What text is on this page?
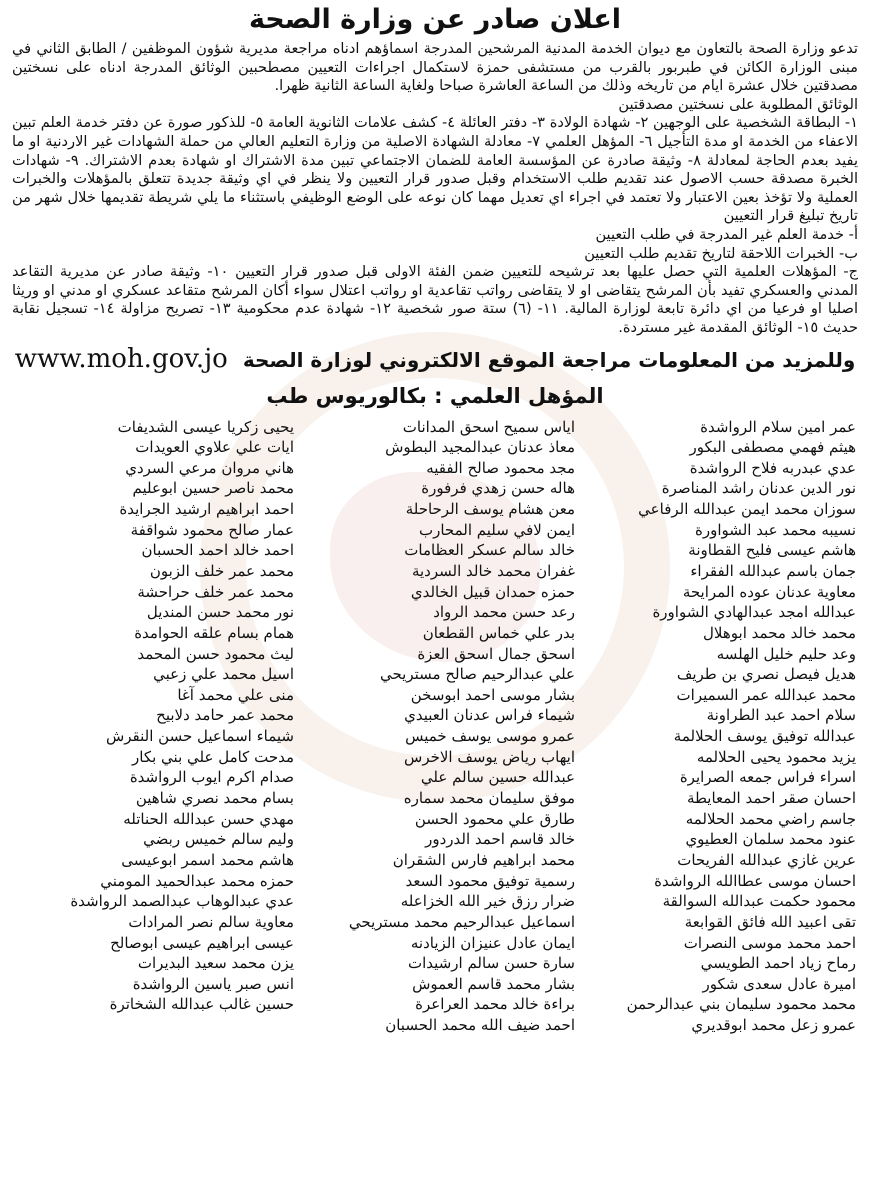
اعلان صادر عن وزارة الصحة

تدعو وزارة الصحة بالتعاون مع ديوان الخدمة المدنية المرشحين المدرجة اسماؤهم ادناه مراجعة مديرية شؤون الموظفين / الطابق الثاني في مبنى الوزارة الكائن في طبربور بالقرب من مستشفى حمزة لاستكمال اجراءات التعيين مصطحبين الوثائق المدرجة ادناه على نسختين مصدقتين خلال عشرة ايام من تاريخه وذلك من الساعة العاشرة صباحا ولغاية الساعة الثانية ظهرا.

الوثائق المطلوبة على نسختين مصدقتين

١- البطاقة الشخصية على الوجهين ٢- شهادة الولادة ٣- دفتر العائلة ٤- كشف علامات الثانوية العامة ٥- للذكور صورة عن دفتر خدمة العلم تبين الاعفاء من الخدمة او مدة التأجيل ٦- المؤهل العلمي ٧- معادلة الشهادة الاصلية من وزارة التعليم العالي من حملة الشهادات غير الاردنية او ما يفيد بعدم الحاجة لمعادلة ٨- وثيقة صادرة عن المؤسسة العامة للضمان الاجتماعي تبين مدة الاشتراك او شهادة بعدم الاشتراك. ٩- شهادات الخبرة مصدقة حسب الاصول عند تقديم طلب الاستخدام وقبل صدور قرار التعيين ولا ينظر في اي وثيقة جديدة تتعلق بالمؤهلات والخبرات العملية ولا تؤخذ بعين الاعتبار ولا تعتمد في اجراء اي تعديل مهما كان نوعه على الوضع الوظيفي باستثناء ما يلي شريطة تقديمها خلال شهر من تاريخ تبليغ قرار التعيين

أ- خدمة العلم غير المدرجة في طلب التعيين

ب- الخبرات اللاحقة لتاريخ تقديم طلب التعيين

ج- المؤهلات العلمية التي حصل عليها بعد ترشيحه للتعيين ضمن الفئة الاولى قبل صدور قرار التعيين ١٠- وثيقة صادر عن مديرية التقاعد المدني والعسكري تفيد بأن المرشح يتقاضى او لا يتقاضى رواتب تقاعدية او رواتب اعتلال سواء أكان المرشح متقاعد عسكري او مدني او وريثا اصليا او فرعيا من اي دائرة تابعة لوزارة المالية. ١١- (٦) ستة صور شخصية ١٢- شهادة عدم محكومية ١٣- تصريح مزاولة ١٤- تسجيل نقابة حديث ١٥- الوثائق المقدمة غير مستردة.

وللمزيد من المعلومات مراجعة الموقع الالكتروني لوزارة الصحة www.moh.gov.jo
المؤهل العلمي : بكالوريوس طب
عمر امين سلام الرواشدة
هيثم فهمي مصطفى البكور
عدي عبدربه فلاح الرواشدة
نور الدين عدنان راشد المناصرة
سوزان محمد ايمن عبدالله الرفاعي
نسيبه محمد عبد الشواورة
هاشم عيسى فليح القطاونة
جمان باسم عبدالله الفقراء
معاوية عدنان عوده المرايحة
عبدالله امجد عبدالهادي الشواورة
محمد خالد محمد ابوهلال
وعد حليم خليل الهلسه
هديل فيصل نصري بن طريف
محمد عبدالله عمر السميرات
سلام احمد عبد الطراونة
عبدالله توفيق يوسف الحلالمة
يزيد محمود يحيى الحلالمه
اسراء فراس جمعه الصرايرة
احسان صقر احمد المعايطة
جاسم راضي محمد الحلالمه
عنود محمد سلمان العطيوي
عرين غازي عبدالله الفريحات
احسان موسى عطاالله الرواشدة
محمود حكمت عبدالله السوالقة
تقى اعبيد الله فائق القوابعة
احمد محمد موسى النصرات
رماح زياد احمد الطويسي
اميرة عادل سعدى شكور
محمد محمود سليمان بني عبدالرحمن
عمرو زعل محمد ابوقديري
اياس سميح اسحق المدانات
معاذ عدنان عبدالمجيد البطوش
مجد محمود صالح الفقيه
هاله حسن زهدي فرفورة
معن هشام يوسف الرحاحلة
ايمن لافي سليم المحارب
خالد سالم عسكر العظامات
غفران محمد خالد السردية
حمزه حمدان قبيل الخالدي
رعد حسن محمد الرواد
بدر علي خماس القطعان
اسحق جمال اسحق العزة
علي عبدالرحيم صالح مستريحي
بشار موسى احمد ابوسخن
شيماء فراس عدنان العبيدي
عمرو موسى يوسف خميس
ايهاب رياض يوسف الاخرس
عبدالله حسين سالم علي
موفق سليمان محمد سماره
طارق علي محمود الحسن
خالد قاسم احمد الدردور
محمد ابراهيم فارس الشقران
رسمية توفيق محمود السعد
ضرار رزق خير الله الخزاعله
اسماعيل عبدالرحيم محمد مستريحي
ايمان عادل عنيزان الزيادنه
سارة حسن سالم ارشيدات
بشار محمد قاسم العموش
براءة خالد محمد العراعرة
احمد ضيف الله محمد الحسبان
يحيى زكريا عيسى الشديفات
ايات علي علاوي العويدات
هاني مروان مرعي السردي
محمد ناصر حسين ابوعليم
احمد ابراهيم ارشيد الجرايدة
عمار صالح محمود شواقفة
احمد خالد احمد الحسبان
محمد عمر خلف الزبون
محمد عمر خلف حراحشة
نور محمد حسن المنديل
همام بسام علقه الحوامدة
ليث محمود حسن المحمد
اسيل محمد علي زعبي
منى علي محمد آغا
محمد عمر حامد دلابيح
شيماء اسماعيل حسن النقرش
مدحت كامل علي بني بكار
صدام اكرم ايوب الرواشدة
بسام محمد نصري شاهين
مهدي حسن عبدالله الحناتله
وليم سالم خميس ربضي
هاشم محمد اسمر ابوعيسى
حمزه محمد عبدالحميد المومني
عدي عبدالوهاب عبدالصمد الرواشدة
معاوية سالم نصر المرادات
عيسى ابراهيم عيسى ابوصالح
يزن محمد سعيد البديرات
انس صبر ياسين الرواشدة
حسين غالب عبدالله الشخاترة
